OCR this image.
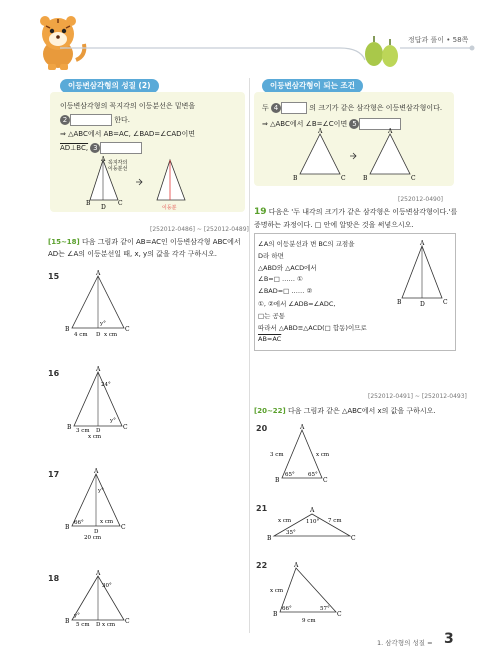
정답과 풀이 • 58쪽
이등변삼각형의 성질 (2)
이등변삼각형의 꼭지각의 이등분선은 밑변을
2	한다.
⇒ △ABC에서 AB=AC, ∠BAD=∠CAD이면
AD⊥BC, 3
A
B	C
D
꼭지각의
이등분선
이등분
[252012-0486] ~ [252012-0489]
[15~18] 다음 그림과 같이 AB=AC인 이등변삼각형 ABC에서
AD는 ∠A의 이등분선일 때, x, y의 값을 각각 구하시오.
15	A
B	C
D
y°
4 cm	x cm
16	A
B	C
D
24°
y°
3 cm
x cm
17	A
B	C
D
y°
66°	x cm
20 cm
18
A
B	C
D
30°
y°
5 cm x cm
이등변삼각형이 되는 조건
두 4	의 크기가 같은 삼각형은 이등변삼각형이다.
⇒ △ABC에서 ∠B=∠C이면 5
A
B	C
A
B	C
[252012-0490]
19 다음은 '두 내각의 크기가 같은 삼각형은 이등변삼각형이다.'를
증명하는 과정이다. □ 안에 알맞은 것을 써넣으시오.
∠A의 이등분선과 변 BC의 교점을
D라 하면
△ABD와 △ACD에서
∠B=□ …… ①
∠BAD=□ …… ②
①, ②에서 ∠ADB=∠ADC,
□는 공통
따라서 △ABD≡△ACD(□ 합동)이므로
AB=AC
A
B	C
D
[252012-0491] ~ [252012-0493]
[20~22] 다음 그림과 같은 △ABC에서 x의 값을 구하시오.
20	A
B	C
3 cm	x cm
65° 65°
21	A
B	C
x cm	7 cm
110°
35°
22	A
B	C
x cm
66°	57°
9 cm
1. 삼각형의 성질 = 3
